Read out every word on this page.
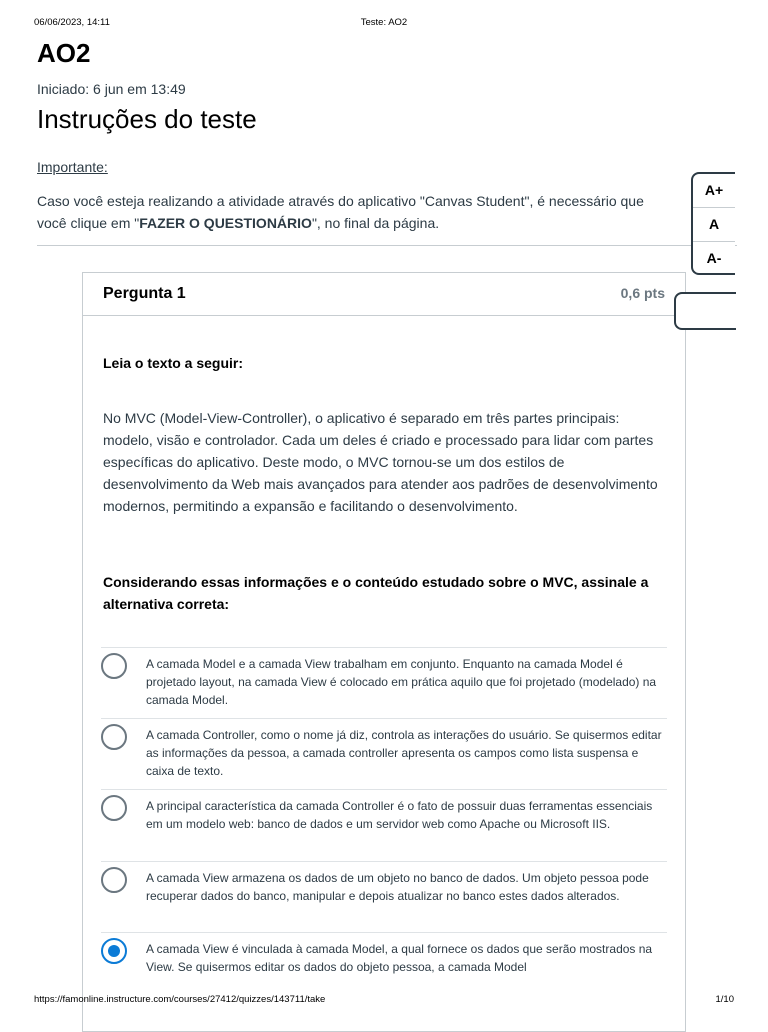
06/06/2023, 14:11	Teste: AO2
AO2
Iniciado: 6 jun em 13:49
Instruções do teste
Importante:
Caso você esteja realizando a atividade através do aplicativo "Canvas Student", é necessário que
você clique em "FAZER O QUESTIONÁRIO", no final da página.
Pergunta 1	0,6 pts
Leia o texto a seguir:
No MVC (Model-View-Controller), o aplicativo é separado em três partes principais: modelo, visão e controlador. Cada um deles é criado e processado para lidar com partes específicas do aplicativo. Deste modo, o MVC tornou-se um dos estilos de desenvolvimento da Web mais avançados para atender aos padrões de desenvolvimento modernos, permitindo a expansão e facilitando o desenvolvimento.
Considerando essas informações e o conteúdo estudado sobre o MVC, assinale a alternativa correta:
A camada Model e a camada View trabalham em conjunto. Enquanto na camada Model é projetado layout, na camada View é colocado em prática aquilo que foi projetado (modelado) na camada Model.
A camada Controller, como o nome já diz, controla as interações do usuário. Se quisermos editar as informações da pessoa, a camada controller apresenta os campos como lista suspensa e caixa de texto.
A principal característica da camada Controller é o fato de possuir duas ferramentas essenciais em um modelo web: banco de dados e um servidor web como Apache ou Microsoft IIS.
A camada View armazena os dados de um objeto no banco de dados. Um objeto pessoa pode recuperar dados do banco, manipular e depois atualizar no banco estes dados alterados.
A camada View é vinculada à camada Model, a qual fornece os dados que serão mostrados na View. Se quisermos editar os dados do objeto pessoa, a camada Model
A+
A
A-
https://famonline.instructure.com/courses/27412/quizzes/143711/take	1/10
